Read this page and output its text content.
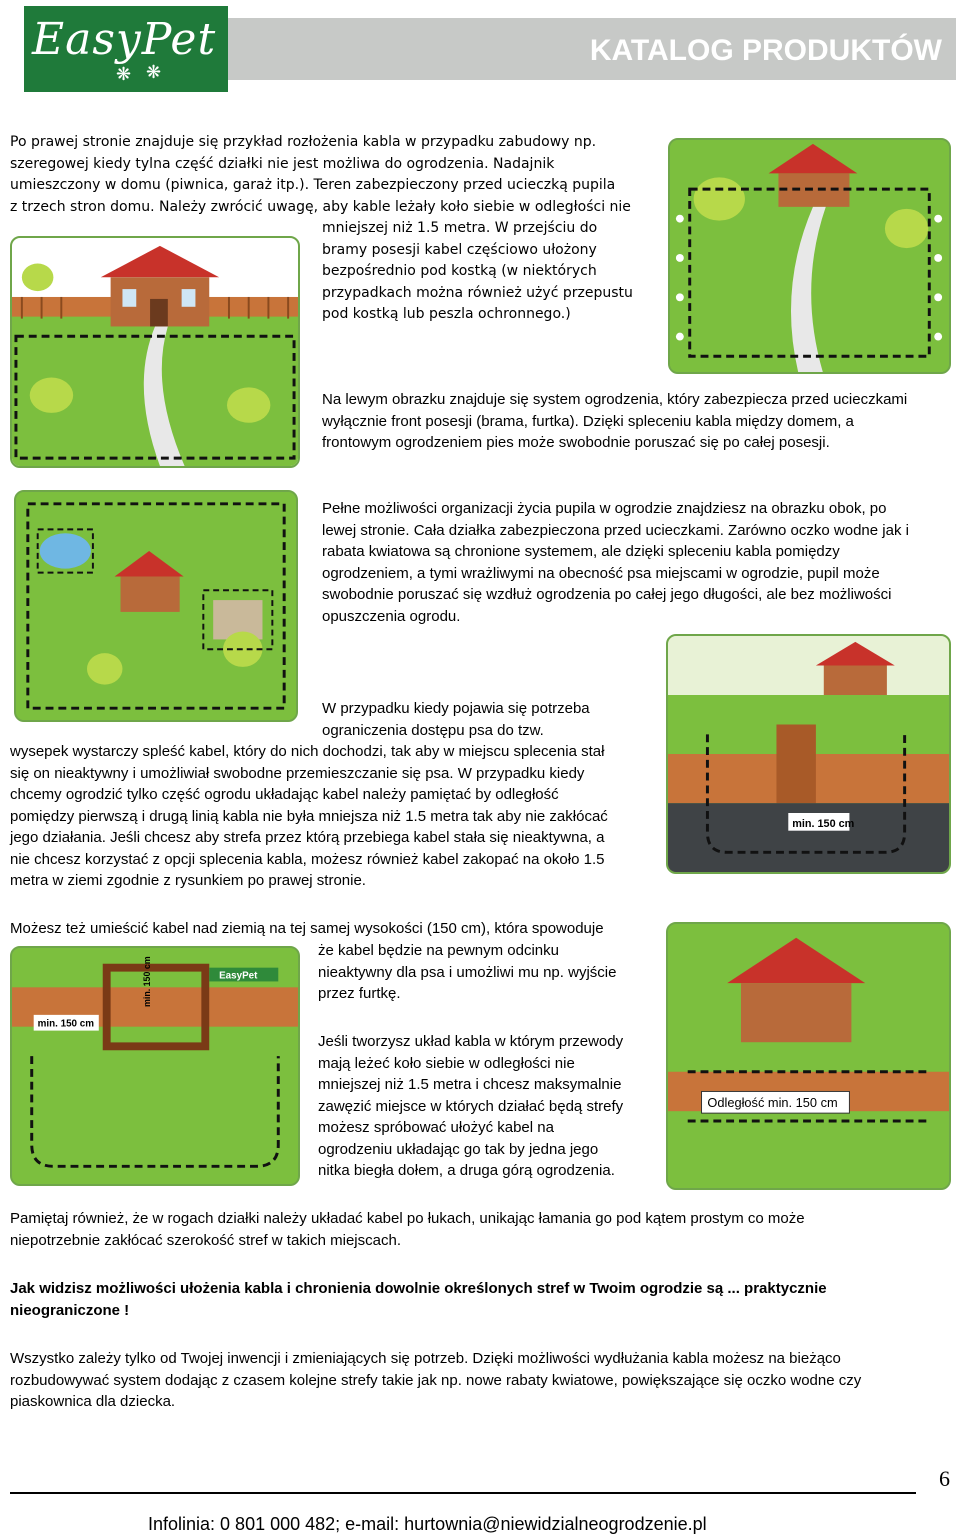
EasyPet
❋ ❋
KATALOG PRODUKTÓW
Po prawej stronie znajduje się przykład rozłożenia kabla w przypadku zabudowy np.
szeregowej kiedy tylna część działki nie jest możliwa do ogrodzenia. Nadajnik
umieszczony w domu (piwnica, garaż itp.). Teren zabezpieczony przed ucieczką pupila
z trzech stron domu. Należy zwrócić uwagę, aby kable leżały koło siebie w odległości nie
mniejszej niż 1.5 metra. W przejściu do
bramy posesji kabel częściowo ułożony
bezpośrednio pod kostką (w niektórych
przypadkach można również użyć przepustu
pod kostką lub peszla ochronnego.)
Na lewym obrazku znajduje się system ogrodzenia, który zabezpiecza przed ucieczkami
wyłącznie front posesji (brama, furtka). Dzięki spleceniu kabla między domem, a
frontowym ogrodzeniem pies może swobodnie poruszać się po całej posesji.
Pełne możliwości organizacji życia pupila w ogrodzie znajdziesz na obrazku obok, po
lewej stronie. Cała działka zabezpieczona przed ucieczkami. Zarówno oczko wodne jak i
rabata kwiatowa są chronione systemem, ale dzięki spleceniu kabla pomiędzy
ogrodzeniem, a tymi wrażliwymi na obecność psa miejscami w ogrodzie, pupil może
swobodnie poruszać się wzdłuż ogrodzenia po całej jego długości, ale bez możliwości
opuszczenia ogrodu.
min. 150 cm
W przypadku kiedy pojawia się potrzeba
ograniczenia dostępu psa do tzw.
wysepek wystarczy spleść kabel, który do nich dochodzi, tak aby w miejscu splecenia stał
się on nieaktywny i umożliwiał swobodne przemieszczanie się psa. W przypadku kiedy
chcemy ogrodzić tylko część ogrodu układając kabel należy pamiętać by odległość
pomiędzy pierwszą i drugą linią kabla nie była mniejsza niż 1.5 metra tak aby nie zakłócać
jego działania. Jeśli chcesz aby strefa przez którą przebiega kabel stała się nieaktywna, a
nie chcesz korzystać z opcji splecenia kabla, możesz również kabel zakopać na około 1.5
metra w ziemi zgodnie z rysunkiem po prawej stronie.
Możesz też umieścić kabel nad ziemią na tej samej wysokości (150 cm), która spowoduje
że kabel będzie na pewnym odcinku
nieaktywny dla psa i umożliwi mu np. wyjście
przez furtkę.
Jeśli tworzysz układ kabla w którym przewody
mają leżeć koło siebie w odległości nie
mniejszej niż 1.5 metra i chcesz maksymalnie
zawęzić miejsce w których działać będą strefy
możesz spróbować ułożyć kabel na
ogrodzeniu układając go tak by jedna jego
nitka biegła dołem, a druga górą ogrodzenia.
EasyPet
min. 150 cm
min. 150 cm
Odległość min. 150 cm
Pamiętaj również, że w rogach działki należy układać kabel po łukach, unikając łamania go pod kątem prostym co może
niepotrzebnie zakłócać szerokość stref w takich miejscach.
Jak widzisz możliwości ułożenia kabla i chronienia dowolnie określonych stref w Twoim ogrodzie są ... praktycznie
nieograniczone !
Wszystko zależy tylko od Twojej inwencji i zmieniających się potrzeb. Dzięki możliwości wydłużania kabla możesz na bieżąco
rozbudowywać system dodając z czasem kolejne strefy takie jak np. nowe rabaty kwiatowe, powiększające się oczko wodne czy
piaskownica dla dziecka.
6
Infolinia: 0 801 000 482; e-mail: hurtownia@niewidzialneogrodzenie.pl
